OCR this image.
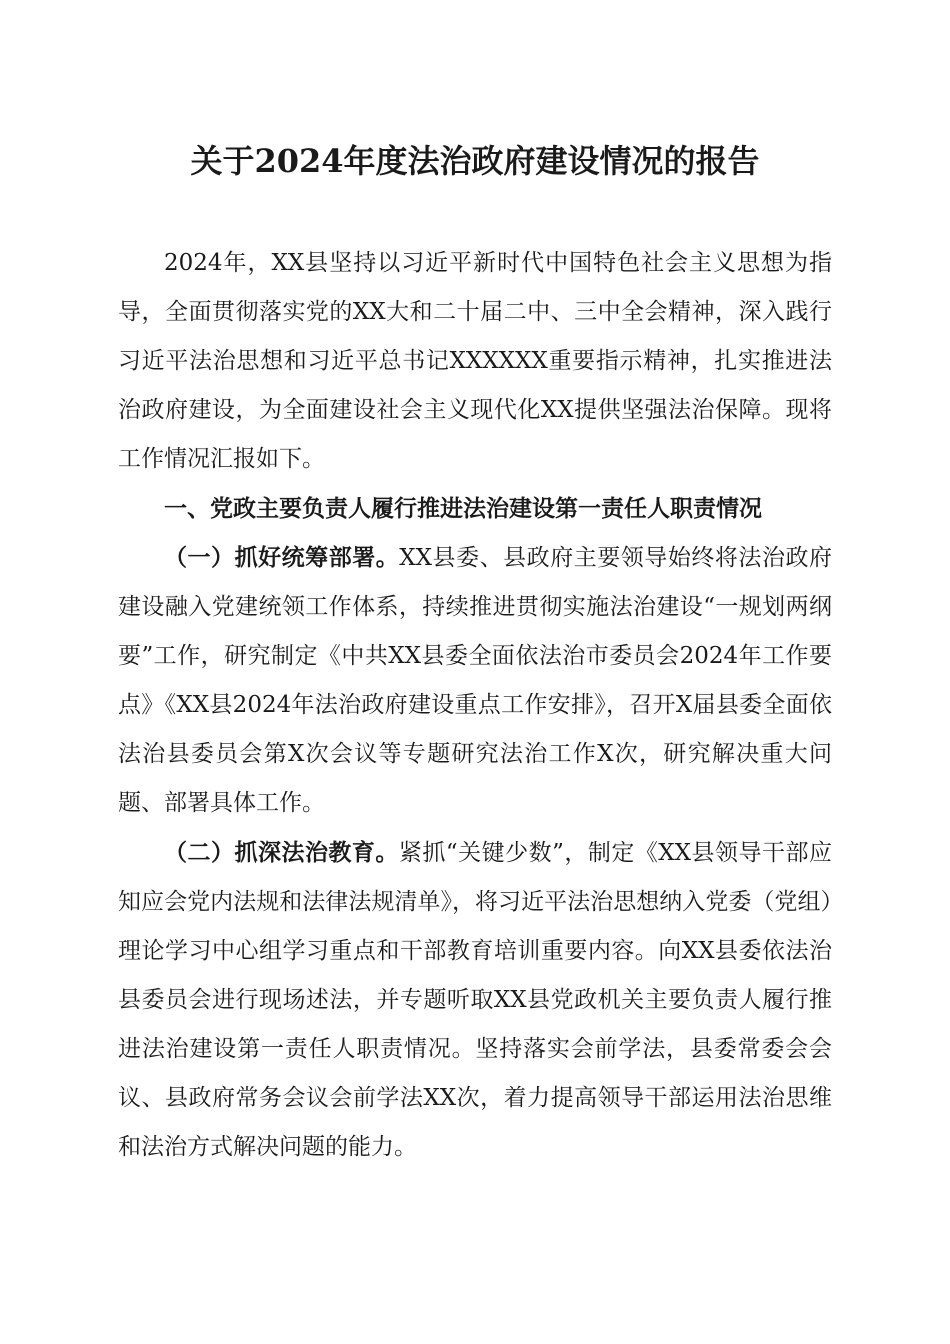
关于2024年度法治政府建设情况的报告

2024年，XX县坚持以习近平新时代中国特色社会主义思想为指导，全面贯彻落实党的XX大和二十届二中、三中全会精神，深入践行习近平法治思想和习近平总书记XXXXXX重要指示精神，扎实推进法治政府建设，为全面建设社会主义现代化XX提供坚强法治保障。现将工作情况汇报如下。

一、党政主要负责人履行推进法治建设第一责任人职责情况

（一）抓好统筹部署。XX县委、县政府主要领导始终将法治政府建设融入党建统领工作体系，持续推进贯彻实施法治建设“一规划两纲要”工作，研究制定《中共XX县委全面依法治市委员会2024年工作要点》《XX县2024年法治政府建设重点工作安排》，召开X届县委全面依法治县委员会第X次会议等专题研究法治工作X次，研究解决重大问题、部署具体工作。

（二）抓深法治教育。紧抓“关键少数”，制定《XX县领导干部应知应会党内法规和法律法规清单》，将习近平法治思想纳入党委（党组）理论学习中心组学习重点和干部教育培训重要内容。向XX县委依法治县委员会进行现场述法，并专题听取XX县党政机关主要负责人履行推进法治建设第一责任人职责情况。坚持落实会前学法，县委常委会会议、县政府常务会议会前学法XX次，着力提高领导干部运用法治思维和法治方式解决问题的能力。
